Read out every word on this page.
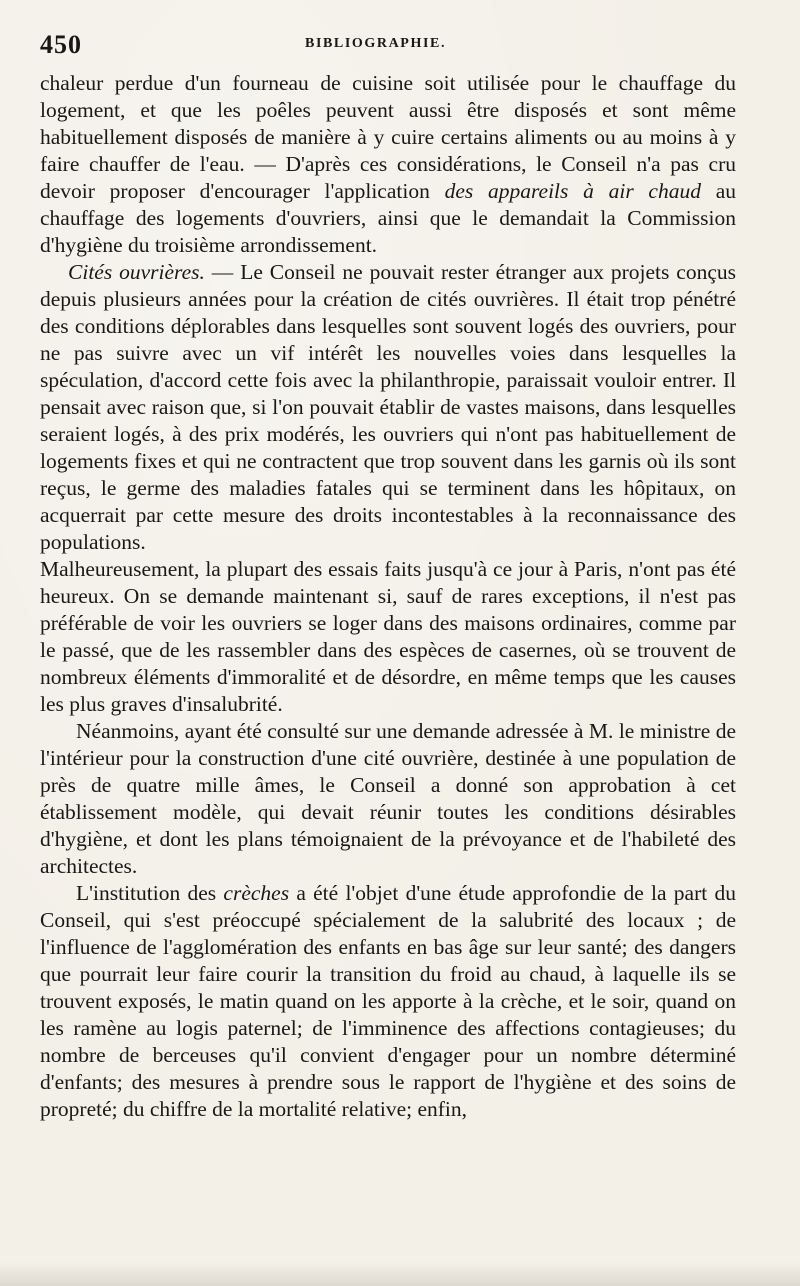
450	BIBLIOGRAPHIE.

chaleur perdue d'un fourneau de cuisine soit utilisée pour le chauffage du logement, et que les poêles peuvent aussi être disposés et sont même habituellement disposés de manière à y cuire certains aliments ou au moins à y faire chauffer de l'eau. — D'après ces considérations, le Conseil n'a pas cru devoir proposer d'encourager l'application des appareils à air chaud au chauffage des logements d'ouvriers, ainsi que le demandait la Commission d'hygiène du troisième arrondissement.

Cités ouvrières. — Le Conseil ne pouvait rester étranger aux projets conçus depuis plusieurs années pour la création de cités ouvrières. Il était trop pénétré des conditions déplorables dans lesquelles sont souvent logés des ouvriers, pour ne pas suivre avec un vif intérêt les nouvelles voies dans lesquelles la spéculation, d'accord cette fois avec la philanthropie, paraissait vouloir entrer. Il pensait avec raison que, si l'on pouvait établir de vastes maisons, dans lesquelles seraient logés, à des prix modérés, les ouvriers qui n'ont pas habituellement de logements fixes et qui ne contractent que trop souvent dans les garnis où ils sont reçus, le germe des maladies fatales qui se terminent dans les hôpitaux, on acquerrait par cette mesure des droits incontestables à la reconnaissance des populations.

Malheureusement, la plupart des essais faits jusqu'à ce jour à Paris, n'ont pas été heureux. On se demande maintenant si, sauf de rares exceptions, il n'est pas préférable de voir les ouvriers se loger dans des maisons ordinaires, comme par le passé, que de les rassembler dans des espèces de casernes, où se trouvent de nombreux éléments d'immoralité et de désordre, en même temps que les causes les plus graves d'insalubrité.

Néanmoins, ayant été consulté sur une demande adressée à M. le ministre de l'intérieur pour la construction d'une cité ouvrière, destinée à une population de près de quatre mille âmes, le Conseil a donné son approbation à cet établissement modèle, qui devait réunir toutes les conditions désirables d'hygiène, et dont les plans témoignaient de la prévoyance et de l'habileté des architectes.

L'institution des crèches a été l'objet d'une étude approfondie de la part du Conseil, qui s'est préoccupé spécialement de la salubrité des locaux ; de l'influence de l'agglomération des enfants en bas âge sur leur santé; des dangers que pourrait leur faire courir la transition du froid au chaud, à laquelle ils se trouvent exposés, le matin quand on les apporte à la crèche, et le soir, quand on les ramène au logis paternel; de l'imminence des affections contagieuses; du nombre de berceuses qu'il convient d'engager pour un nombre déterminé d'enfants; des mesures à prendre sous le rapport de l'hygiène et des soins de propreté; du chiffre de la mortalité relative; enfin,
